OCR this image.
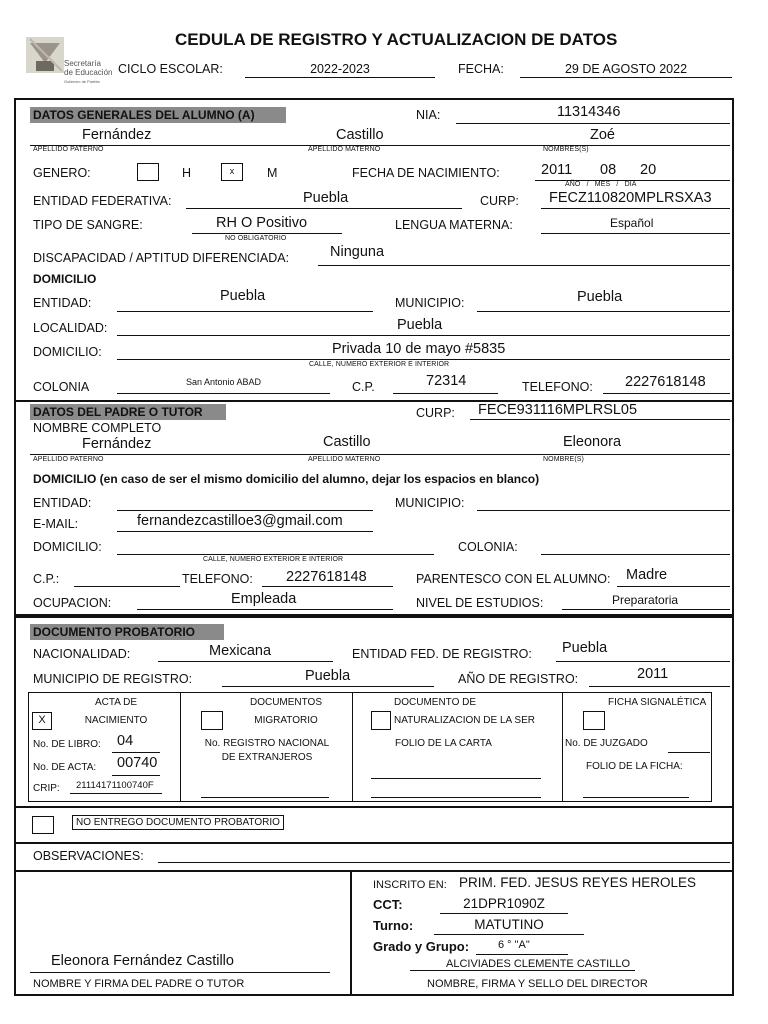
Secretaría
de Educación
Gobierno de Puebla
CEDULA DE REGISTRO Y ACTUALIZACION DE DATOS
CICLO ESCOLAR:	2022-2023	FECHA:	29 DE AGOSTO 2022
DATOS GENERALES DEL ALUMNO (A)	NIA:	11314346
Fernández	Castillo	Zoé
APELLIDO PATERNO	APELLIDO MATERNO	NOMBRES(S)
GENERO:	H	x	M	FECHA DE NACIMIENTO:	2011 08 20
AÑO   /   MES   /   DIA
ENTIDAD FEDERATIVA:	Puebla	CURP: FECZ110820MPLRSXA3
TIPO DE SANGRE:	RH O Positivo
NO OBLIGATORIO
LENGUA MATERNA:	Español
DISCAPACIDAD / APTITUD DIFERENCIADA:	Ninguna
DOMICILIO
ENTIDAD:	Puebla	MUNICIPIO:	Puebla
LOCALIDAD:	Puebla
DOMICILIO:	Privada 10 de mayo #5835
CALLE, NUMERO EXTERIOR E INTERIOR
COLONIA	San Antonio ABAD	C.P.	72314	TELEFONO: 2227618148
DATOS DEL PADRE O TUTOR	CURP: FECE931116MPLRSL05
NOMBRE COMPLETO
Fernández	Castillo	Eleonora
APELLIDO PATERNO	APELLIDO MATERNO	NOMBRE(S)
DOMICILIO (en caso de ser el mismo domicilio del alumno, dejar los espacios en blanco)
ENTIDAD:	MUNICIPIO:
E-MAIL:	fernandezcastilloe3@gmail.com
DOMICILIO:	COLONIA:
CALLE, NUMERO EXTERIOR E INTERIOR
C.P.:	TELEFONO: 2227618148	PARENTESCO CON EL ALUMNO: Madre
OCUPACION:	Empleada	NIVEL DE ESTUDIOS:	Preparatoria
DOCUMENTO PROBATORIO
NACIONALIDAD:	Mexicana	ENTIDAD FED. DE REGISTRO: Puebla
MUNICIPIO DE REGISTRO:	Puebla	AÑO DE REGISTRO:	2011
ACTA DE
X	NACIMIENTO
No. DE LIBRO: 04
No. DE ACTA: 00740
CRIP: 21114171100740F
DOCUMENTOS
MIGRATORIO
No. REGISTRO NACIONAL
DE EXTRANJEROS
DOCUMENTO DE
NATURALIZACION DE LA SER
FOLIO DE LA CARTA
FICHA SIGNALÉTICA
No. DE JUZGADO
FOLIO DE LA FICHA:
NO ENTREGO DOCUMENTO PROBATORIO
OBSERVACIONES:
Eleonora Fernández Castillo
NOMBRE Y FIRMA DEL PADRE O TUTOR
INSCRITO EN: PRIM. FED. JESUS REYES HEROLES
CCT:	21DPR1090Z
Turno:	MATUTINO
Grado y Grupo:	6 ° "A"
ALCIVIADES CLEMENTE CASTILLO
NOMBRE, FIRMA Y SELLO DEL DIRECTOR
